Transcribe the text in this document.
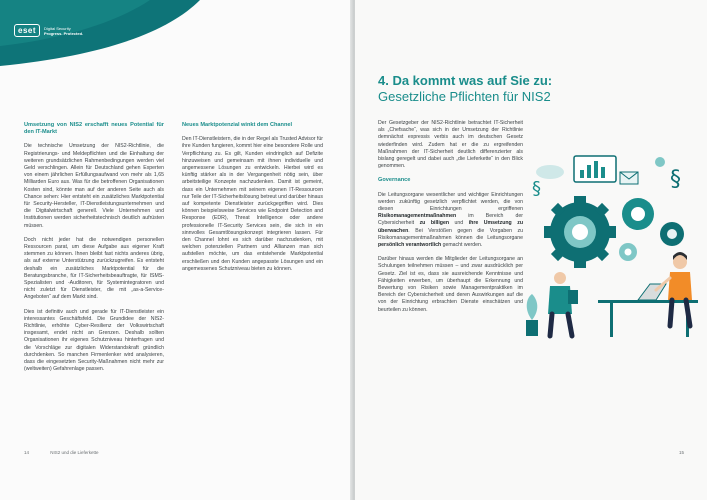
eset	Digital Security
Progress. Protected.
Umsetzung von NIS2 erschafft neues Potential für den IT-Markt

Die technische Umsetzung der NIS2-Richtlinie, die Registrierungs- und Meldepflichten und die Einhaltung der weiteren grundsätzlichen Rahmenbedingungen werden viel Geld verschlingen. Allein für Deutschland gehen Experten von einem jährlichen Erfüllungsaufwand von mehr als 1,65 Milliarden Euro aus. Was für die betroffenen Organisationen Kosten sind, könnte man auf der anderen Seite auch als Chance sehen: Hier entsteht ein zusätzliches Marktpotential für Security-Hersteller, IT-Dienstleistungsunternehmen und die Digitalwirtschaft generell. Viele Unternehmen und Institutionen werden sicherheitstechnisch deutlich aufrüsten müssen.

Doch nicht jeder hat die notwendigen personellen Ressourcen parat, um diese Aufgabe aus eigener Kraft stemmen zu können. Ihnen bleibt fast nichts anderes übrig, als auf externe Unterstützung zurückzugreifen. Es entsteht deshalb ein zusätzliches Marktpotential für die Beratungsbranche, für IT-Sicherheitsbeauftragte, für ISMS-Spezialisten und -Auditoren, für Systemintegratoren und nicht zuletzt für Dienstleister, die mit „as-a-Service-Angeboten“ auf dem Markt sind.

Dies ist definitiv auch und gerade für IT-Dienstleister ein interessantes Geschäftsfeld. Die Grundidee der NIS2-Richtlinie, erhöhte Cyber-Resilienz der Volkswirtschaft insgesamt, endet nicht an Grenzen. Deshalb sollten Organisationen ihr eigenes Schutzniveau hinterfragen und die Vorschläge zur digitalen Widerstandskraft gründlich durchdenken. So manchen Firmenlenker wird analysieren, dass die eingesetzten Security-Maßnahmen nicht mehr zur (weltweiten) Gefahrenlage passen.

Neues Marktpotenzial winkt dem Channel

Den IT-Dienstleistern, die in der Regel als Trusted Advisor für ihre Kunden fungieren, kommt hier eine besondere Rolle und Verpflichtung zu. Es gilt, Kunden eindringlich auf Defizite hinzuweisen und gemeinsam mit ihnen individuelle und angemessene Lösungen zu entwickeln. Hierbei wird es künftig stärker als in der Vergangenheit nötig sein, über arbeitsteilige Konzepte nachzudenken. Damit ist gemeint, dass ein Unternehmen mit seinem eigenen IT-Ressourcen nur Teile der IT-Sicherheitslösung betreut und darüber hinaus auf kompetente Dienstleister zurückgegriffen wird. Dies können beispielsweise Services wie Endpoint Detection and Response (EDR), Threat Intelligence oder andere professionelle IT-Security Services sein, die sich in ein sinnvolles Gesamtlösungskonzept integrieren lassen. Für den Channel lohnt es sich darüber nachzudenken, mit welchen potenziellen Partnern und Allianzen man sich aufstellen möchte, um das entstehende Marktpotential erschließen und den Kunden angepasste Lösungen und ein angemessenes Schutzniveau bieten zu können.

14	NIS2 und die Lieferkette	15
4. Da kommt was auf Sie zu:
Gesetzliche Pflichten für NIS2

Der Gesetzgeber der NIS2-Richtlinie betrachtet IT-Sicherheit als „Chefsache“, was sich in der Umsetzung der Richtlinie demnächst expressis verbis auch im deutschen Gesetz wiederfinden wird. Zudem hat er die zu ergreifenden Maßnahmen der IT-Sicherheit deutlich differenzierter als bislang geregelt und dabei auch „die Lieferkette“ in den Blick genommen.

Governance

Die Leitungsorgane wesentlicher und wichtiger Einrichtungen werden zukünftig gesetzlich verpflichtet werden, die von diesen Einrichtungen ergriffenen Risikomanagementmaßnahmen im Bereich der Cybersicherheit zu billigen und ihre Umsetzung zu überwachen. Bei Verstößen gegen die Vorgaben zu Risikomanagementmaßnahmen können die Leitungsorgane persönlich verantwortlich gemacht werden.

Darüber hinaus werden die Mitglieder der Leitungsorgane an Schulungen teilnehmen müssen – und zwar ausdrücklich per Gesetz. Ziel ist es, dass sie ausreichende Kenntnisse und Fähigkeiten erwerben, um überhaupt die Erkennung und Bewertung von Risiken sowie Managementpraktiken im Bereich der Cybersicherheit und deren Auswirkungen auf die von der Einrichtung erbrachten Dienste einschätzen und beurteilen zu können.

§	§
